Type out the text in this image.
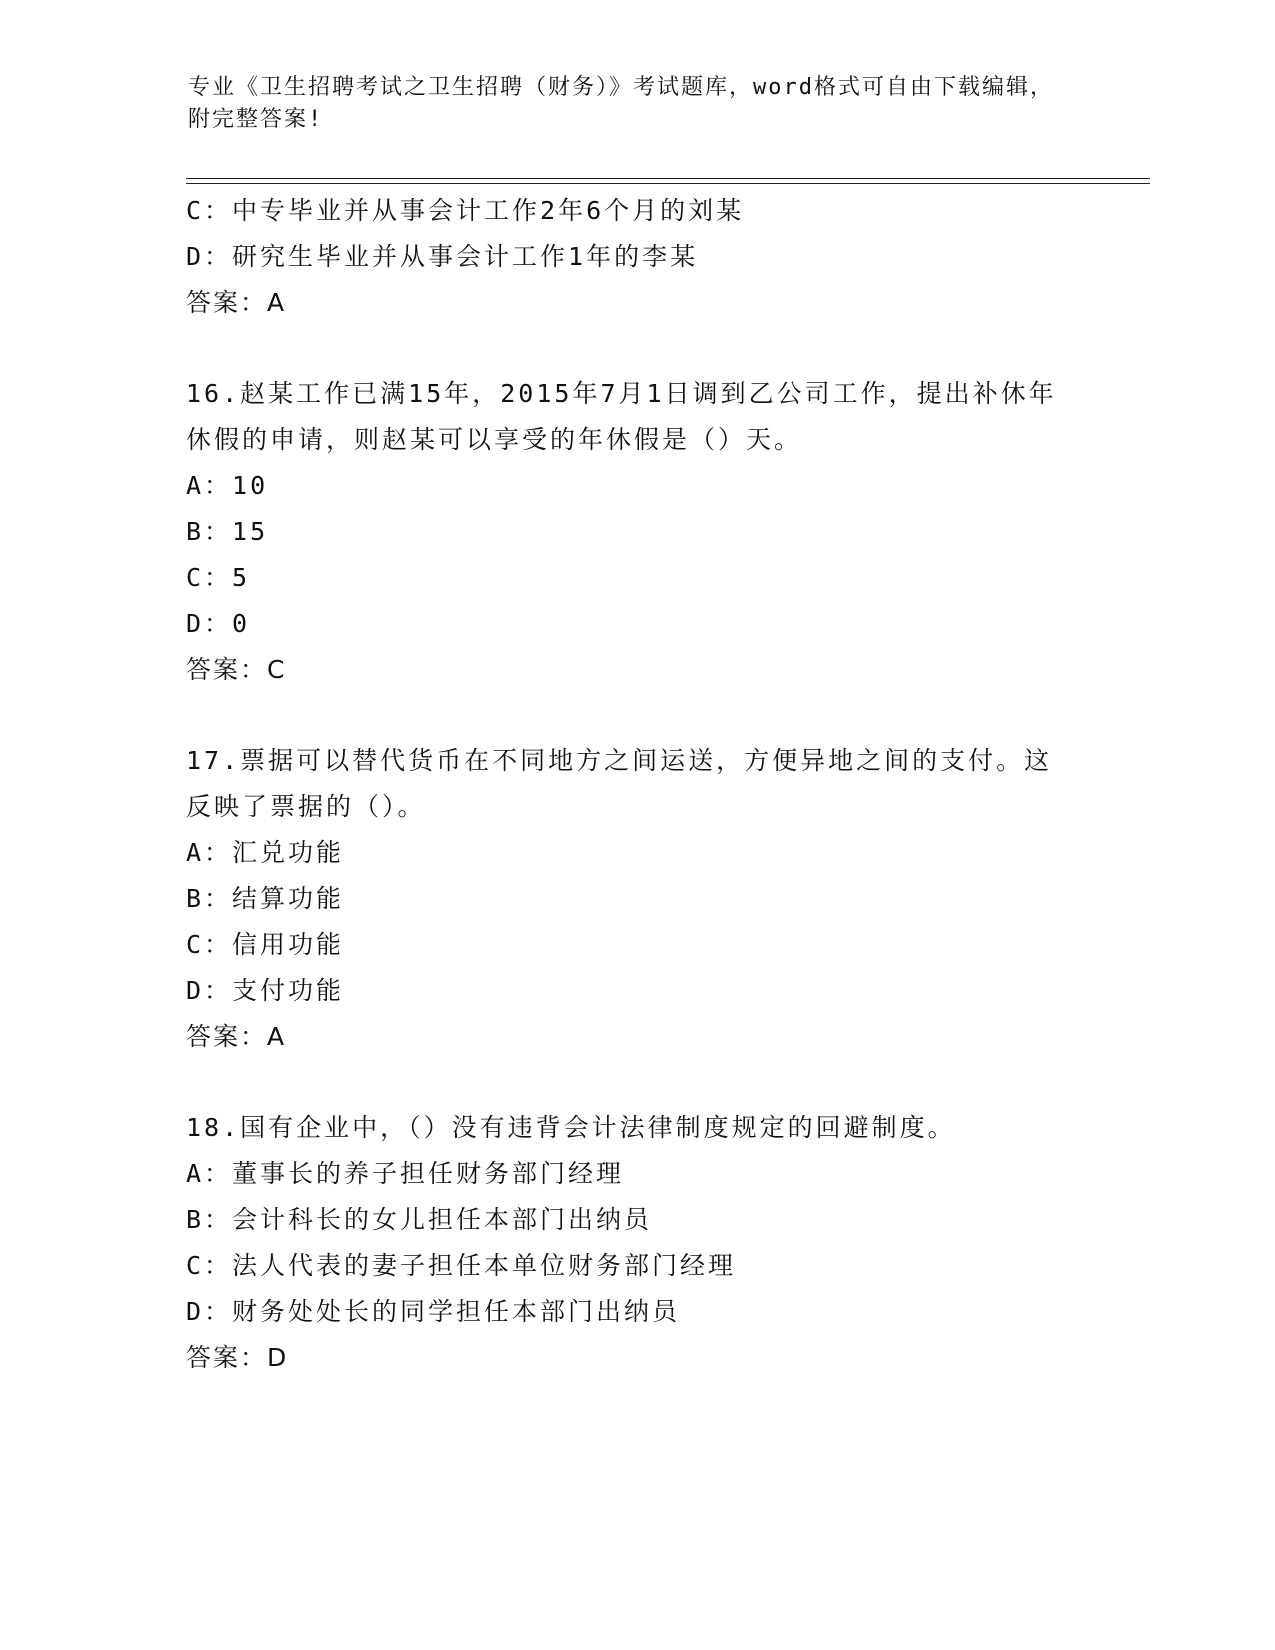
专业《卫生招聘考试之卫生招聘（财务）》考试题库，word格式可自由下载编辑，附完整答案!
C：中专毕业并从事会计工作2年6个月的刘某
D：研究生毕业并从事会计工作1年的李某
答案：A
16.赵某工作已满15年，2015年7月1日调到乙公司工作，提出补休年休假的申请，则赵某可以享受的年休假是（）天。
A：10
B：15
C：5
D：0
答案：C
17.票据可以替代货币在不同地方之间运送，方便异地之间的支付。这反映了票据的（）。
A：汇兑功能
B：结算功能
C：信用功能
D：支付功能
答案：A
18.国有企业中，（）没有违背会计法律制度规定的回避制度。
A：董事长的养子担任财务部门经理
B：会计科长的女儿担任本部门出纳员
C：法人代表的妻子担任本单位财务部门经理
D：财务处处长的同学担任本部门出纳员
答案：D
